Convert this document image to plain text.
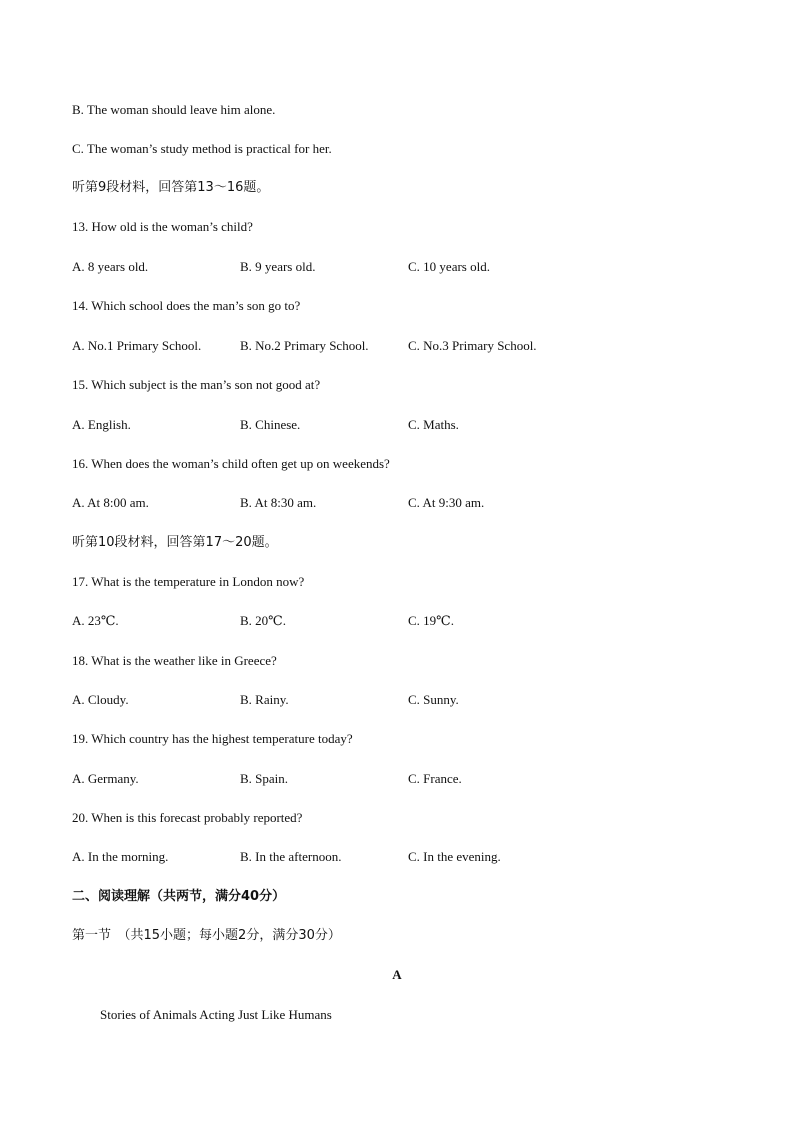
B. The woman should leave him alone.
C. The woman’s study method is practical for her.
听第9段材料，回答第13～16题。
13. How old is the woman’s child?
A. 8 years old.	B. 9 years old.	C. 10 years old.
14. Which school does the man’s son go to?
A. No.1 Primary School.	B. No.2 Primary School.	C. No.3 Primary School.
15. Which subject is the man’s son not good at?
A. English.	B. Chinese.	C. Maths.
16. When does the woman’s child often get up on weekends?
A. At 8:00 am.	B. At 8:30 am.	C. At 9:30 am.
听第10段材料，回答第17～20题。
17. What is the temperature in London now?
A. 23℃.	B. 20℃.	C. 19℃.
18. What is the weather like in Greece?
A. Cloudy.	B. Rainy.	C. Sunny.
19. Which country has the highest temperature today?
A. Germany.	B. Spain.	C. France.
20. When is this forecast probably reported?
A. In the morning.	B. In the afternoon.	C. In the evening.
二、阅读理解（共两节，满分40分）
第一节　（共15小题；每小题2分，满分30分）
A
Stories of Animals Acting Just Like Humans
